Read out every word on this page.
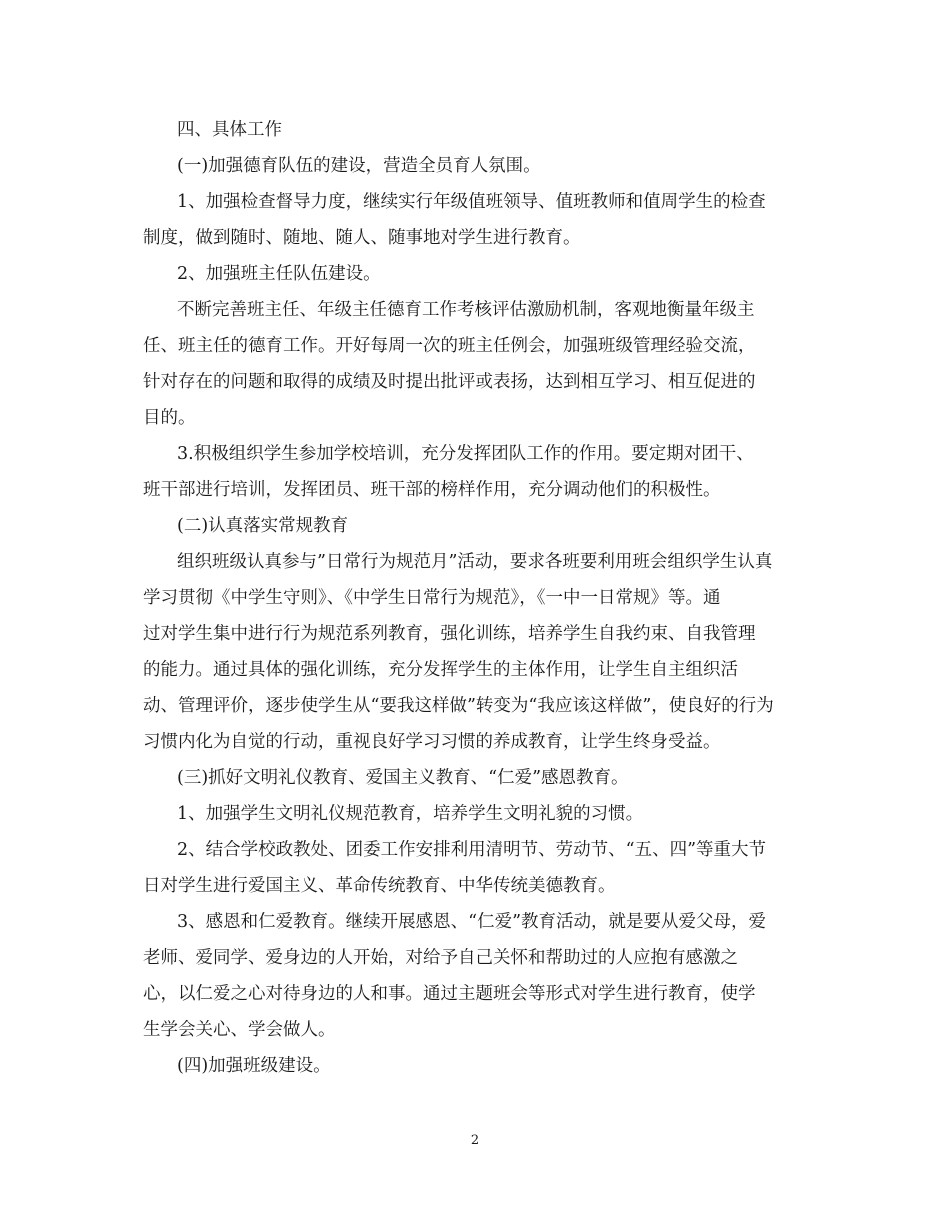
四、具体工作
(一)加强德育队伍的建设，营造全员育人氛围。
1、加强检查督导力度，继续实行年级值班领导、值班教师和值周学生的检查
制度，做到随时、随地、随人、随事地对学生进行教育。
2、加强班主任队伍建设。
不断完善班主任、年级主任德育工作考核评估激励机制，客观地衡量年级主
任、班主任的德育工作。开好每周一次的班主任例会，加强班级管理经验交流，
针对存在的问题和取得的成绩及时提出批评或表扬，达到相互学习、相互促进的
目的。
3.积极组织学生参加学校培训，充分发挥团队工作的作用。要定期对团干、
班干部进行培训，发挥团员、班干部的榜样作用，充分调动他们的积极性。
(二)认真落实常规教育
组织班级认真参与”日常行为规范月”活动，要求各班要利用班会组织学生认真
学习贯彻《中学生守则》、《中学生日常行为规范》，《一中一日常规》等。通
过对学生集中进行行为规范系列教育，强化训练，培养学生自我约束、自我管理
的能力。通过具体的强化训练，充分发挥学生的主体作用，让学生自主组织活
动、管理评价，逐步使学生从“要我这样做”转变为“我应该这样做”，使良好的行为
习惯内化为自觉的行动，重视良好学习习惯的养成教育，让学生终身受益。
(三)抓好文明礼仪教育、爱国主义教育、“仁爱”感恩教育。
1、加强学生文明礼仪规范教育，培养学生文明礼貌的习惯。
2、结合学校政教处、团委工作安排利用清明节、劳动节、“五、四”等重大节
日对学生进行爱国主义、革命传统教育、中华传统美德教育。
3、感恩和仁爱教育。继续开展感恩、“仁爱”教育活动，就是要从爱父母，爱
老师、爱同学、爱身边的人开始，对给予自己关怀和帮助过的人应抱有感激之
心，以仁爱之心对待身边的人和事。通过主题班会等形式对学生进行教育，使学
生学会关心、学会做人。
(四)加强班级建设。
2
